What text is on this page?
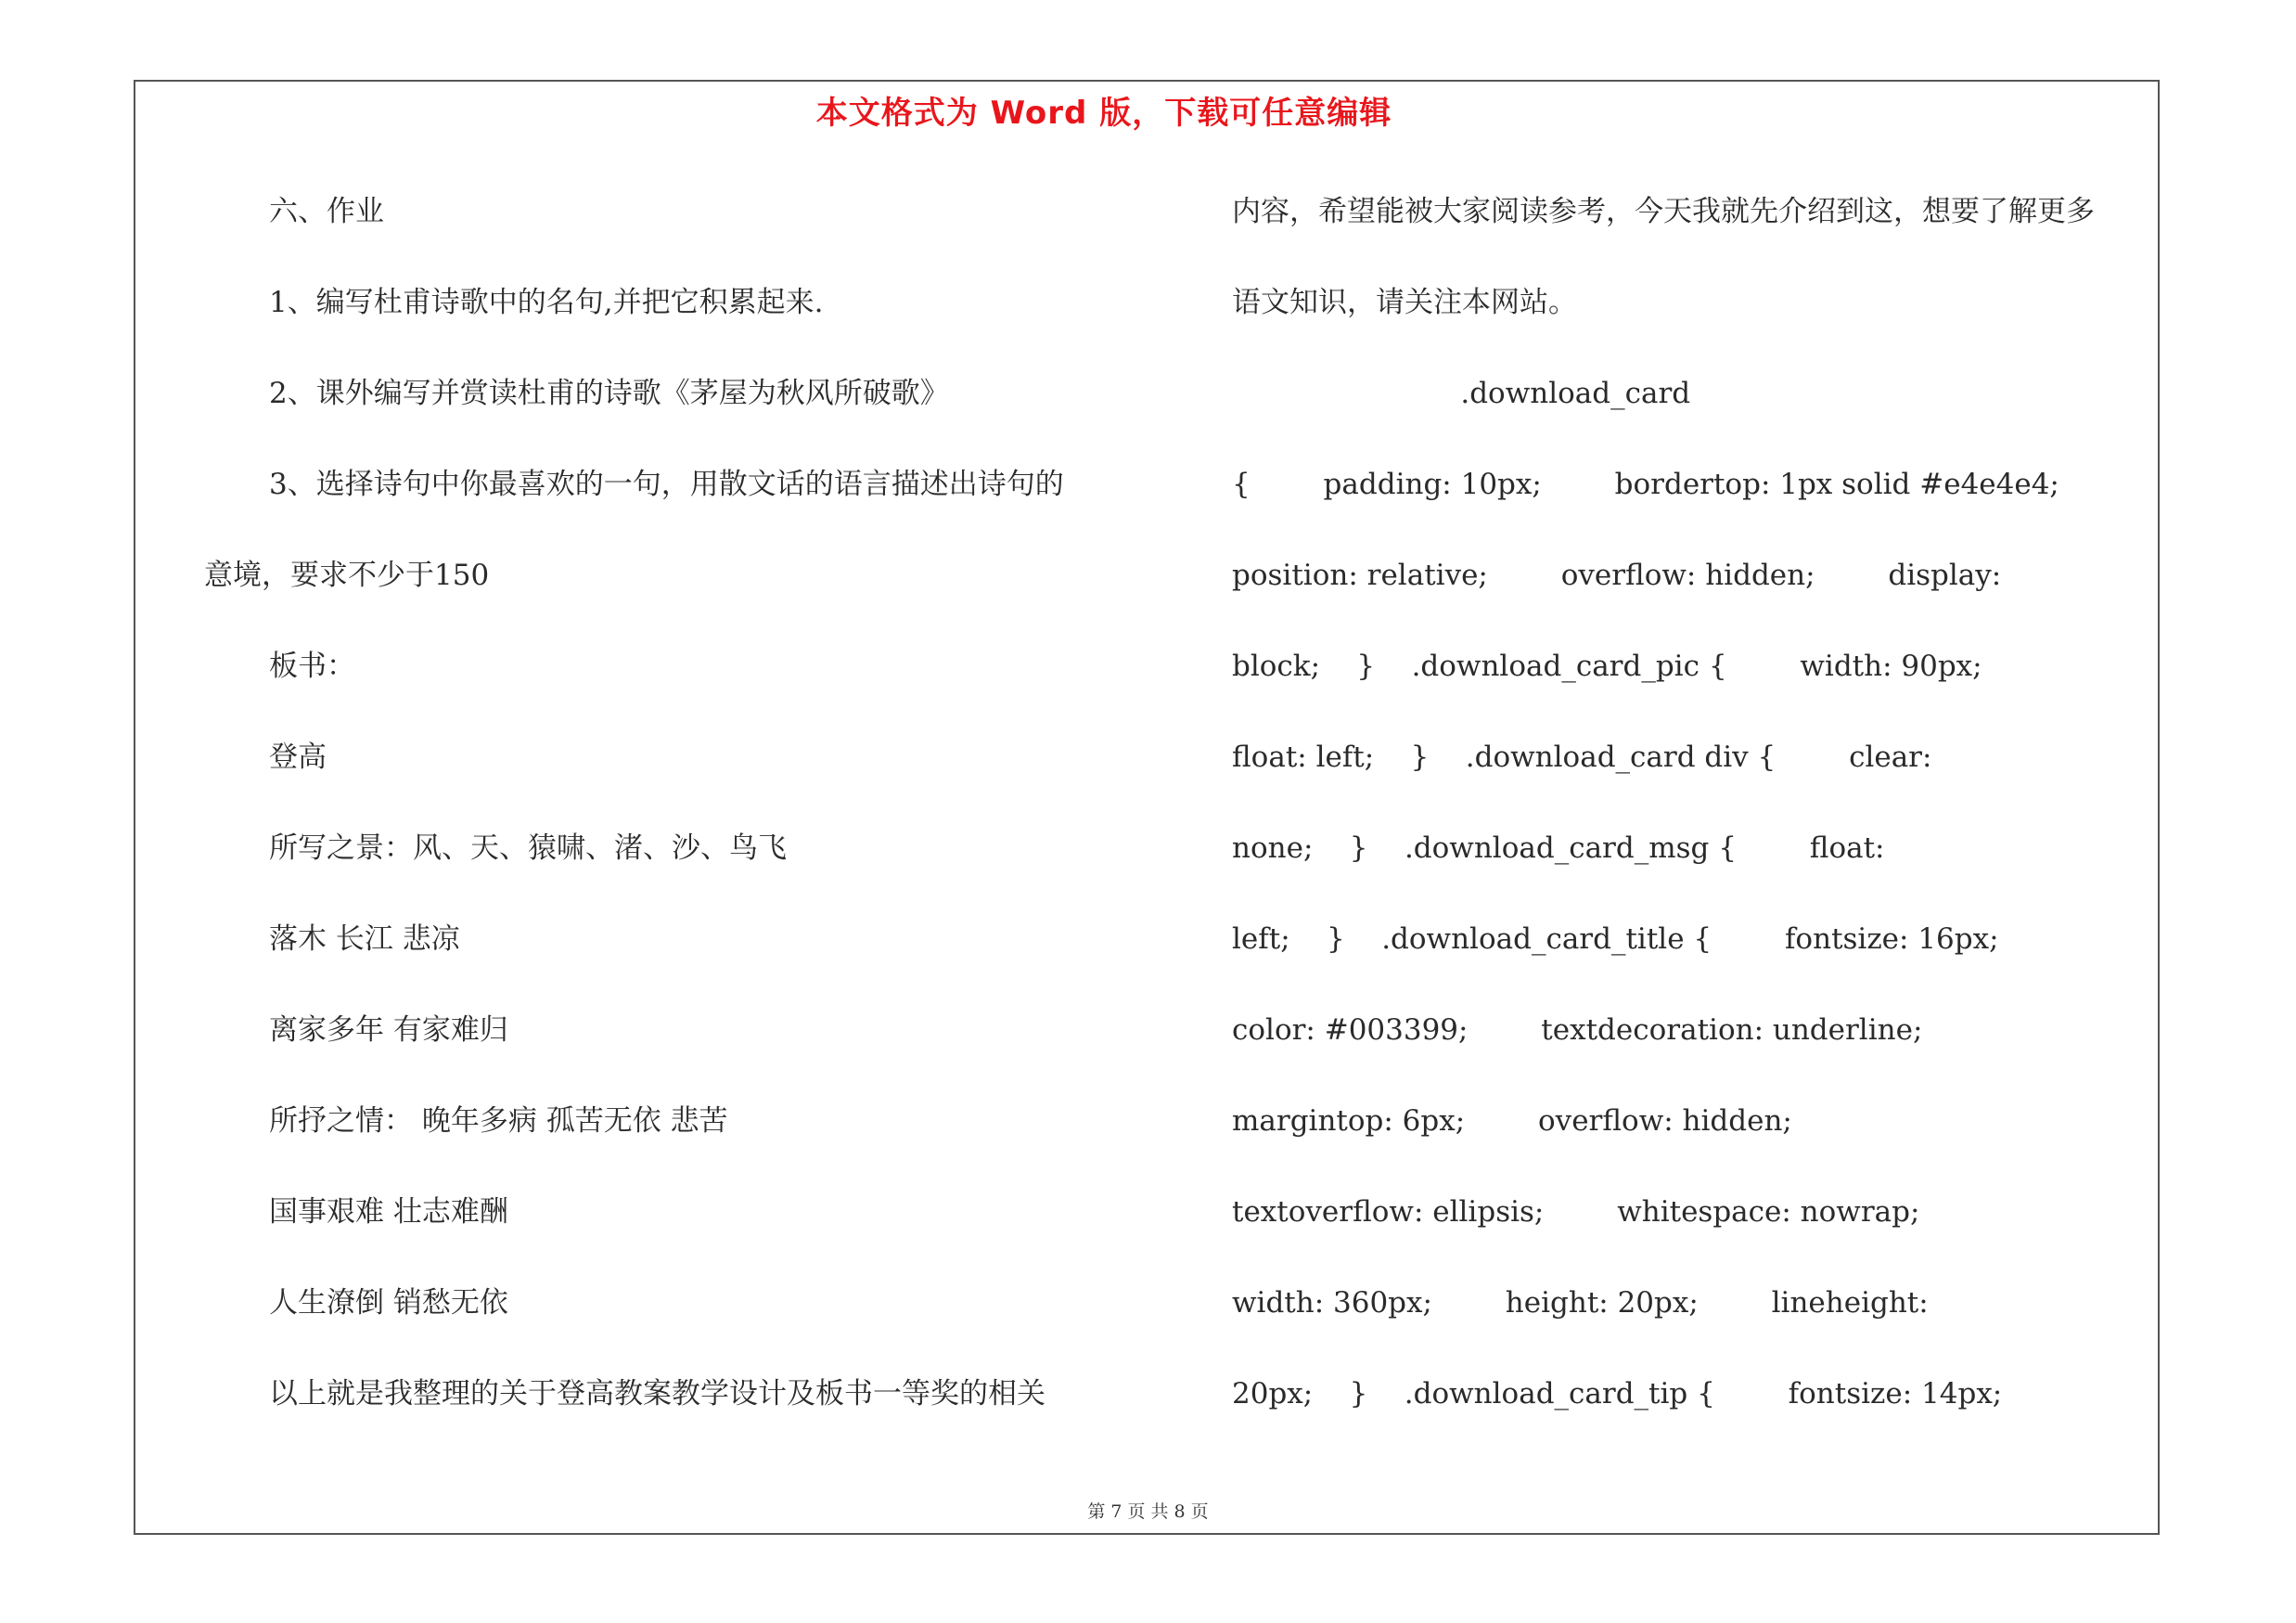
本文格式为 Word 版，下载可任意编辑
六、作业
1、编写杜甫诗歌中的名句,并把它积累起来.
2、课外编写并赏读杜甫的诗歌《茅屋为秋风所破歌》
3、选择诗句中你最喜欢的一句，用散文话的语言描述出诗句的
意境，要求不少于150
板书：
登高
所写之景：风、天、猿啸、渚、沙、鸟飞
落木 长江 悲凉
离家多年 有家难归
所抒之情： 晚年多病 孤苦无依 悲苦
国事艰难 壮志难酬
人生潦倒 销愁无依
以上就是我整理的关于登高教案教学设计及板书一等奖的相关
内容，希望能被大家阅读参考，今天我就先介绍到这，想要了解更多
语文知识，请关注本网站。
.download_card
{        padding: 10px;        bordertop: 1px solid #e4e4e4;
position: relative;        overflow: hidden;        display:
block;    }    .download_card_pic {        width: 90px;
float: left;    }    .download_card div {        clear:
none;    }    .download_card_msg {        float:
left;    }    .download_card_title {        fontsize: 16px;
color: #003399;        textdecoration: underline;
margintop: 6px;        overflow: hidden;
textoverflow: ellipsis;        whitespace: nowrap;
width: 360px;        height: 20px;        lineheight:
20px;    }    .download_card_tip {        fontsize: 14px;
第 7 页 共 8 页
